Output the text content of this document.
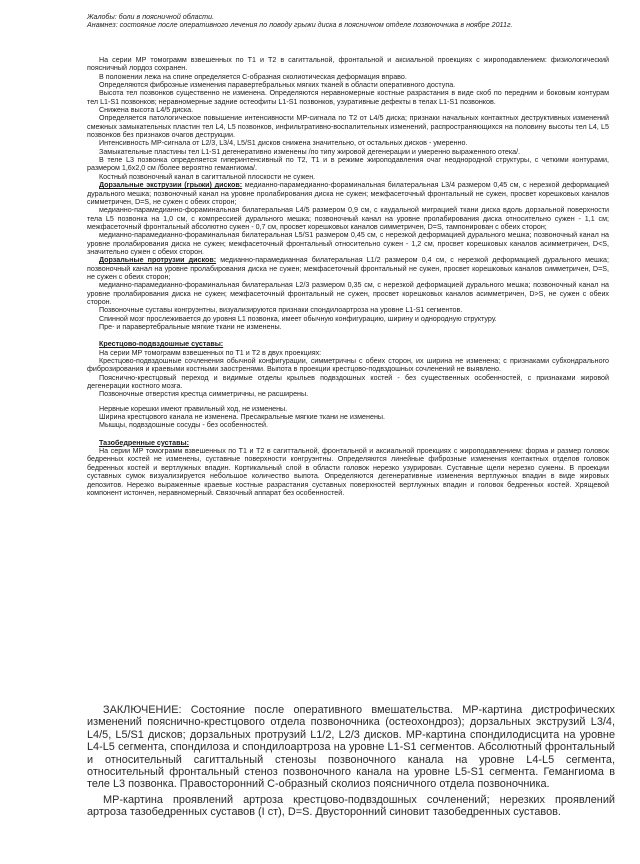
Жалобы: боли в поясничной области.

Анамнез: состояние после оперативного лечения по поводу грыжи диска в поясничном отделе позвоночника в ноябре 2011г.

На серии МР томограмм взвешенных по Т1 и Т2 в сагиттальной, фронтальной и аксиальной проекциях с жироподавлением: физиологический поясничный лордоз сохранен.

В положении лежа на спине определяется С-образная сколиотическая деформация вправо.

Определяются фиброзные изменения паравертебральных мягких тканей в области оперативного доступа.

Высота тел позвонков существенно не изменена. Определяются неравномерные костные разрастания в виде скоб по передним и боковым контурам тел L1-S1 позвонков; неравномерные задние остеофиты L1-S1 позвонков, узуративные дефекты в телах L1-S1 позвонков.

Снижена высота L4/5 диска.

Определяется патологическое повышение интенсивности МР-сигнала по Т2 от L4/5 диска; признаки начальных контактных деструктивных изменений смежных замыкательных пластин тел L4, L5 позвонков, инфильтративно-воспалительных изменений, распространяющихся на половину высоты тел L4, L5 позвонков без признаков очагов деструкции.

Интенсивность МР-сигнала от L2/3, L3/4, L5/S1 дисков снижена значительно, от остальных дисков - умеренно.

Замыкательные пластины тел L1-S1 дегенеративно изменены /по типу жировой дегенерации и умеренно выраженного отека/.

В теле L3 позвонка определяется гиперинтенсивный по Т2, Т1 и в режиме жироподавления очаг неоднородной структуры, с четкими контурами, размером 1,6х2,0 см /более вероятно гемангиома/.

Костный позвоночный канал в сагиттальной плоскости не сужен.

Дорзальные экструзии (грыжи) дисков: медианно-парамедианно-фораминальная билатеральная L3/4 размером 0,45 см, с нерезкой деформацией дурального мешка; позвоночный канал на уровне пролабирования диска не сужен; межфасеточный фронтальный не сужен, просвет корешковых каналов симметричен, D=S, не сужен с обеих сторон;

медианно-парамедианно-фораминальная билатеральная L4/5 размером 0,9 см, с каудальной миграцией ткани диска вдоль дорзальной поверхности тела L5 позвонка на 1,0 см, с компрессией дурального мешка; позвоночный канал на уровне пролабирования диска относительно сужен - 1,1 см; межфасеточный фронтальный абсолютно сужен - 0,7 см, просвет корешковых каналов симметричен, D=S, тампонирован с обеих сторон;

медианно-парамедианно-фораминальная билатеральная L5/S1 размером 0,45 см, с нерезкой деформацией дурального мешка; позвоночный канал на уровне пролабирования диска не сужен; межфасеточный фронтальный относительно сужен - 1,2 см, просвет корешковых каналов асимметричен, D<S, значительно сужен с обеих сторон.

Дорзальные протрузии дисков: медианно-парамедианная билатеральная L1/2 размером 0,4 см, с нерезкой деформацией дурального мешка; позвоночный канал на уровне пролабирования диска не сужен; межфасеточный фронтальный не сужен, просвет корешковых каналов симметричен, D=S, не сужен с обеих сторон;

медианно-парамедианно-фораминальная билатеральная L2/3 размером 0,35 см, с нерезкой деформацией дурального мешка; позвоночный канал на уровне пролабирования диска не сужен; межфасеточный фронтальный не сужен, просвет корешковых каналов асимметричен, D>S, не сужен с обеих сторон.

Позвоночные суставы конгруэнтны, визуализируются признаки спондилоартроза на уровне L1-S1 сегментов.

Спинной мозг прослеживается до уровня L1 позвонка, имеет обычную конфигурацию, ширину и однородную структуру.

Пре- и паравертебральные мягкие ткани не изменены.

Крестцово-подвздошные суставы:

На серии МР томограмм взвешенных по Т1 и Т2 в двух проекциях:

Крестцово-подвздошные сочленения обычной конфигурации, симметричны с обеих сторон, их ширина не изменена; с признаками субхондрального фиброзирования и краевыми костными заостренями. Выпота в проекции крестцово-подвздошных сочленений не выявлено.

Пояснично-крестцовый переход и видимые отделы крыльев подвздошных костей - без существенных особенностей, с признаками жировой дегенерации костного мозга.

Позвоночные отверстия крестца симметричны, не расширены.

Нервные корешки имеют правильный ход, не изменены.

Ширина крестцового канала не изменена. Пресакральные мягкие ткани не изменены.

Мышцы, подвздошные сосуды - без особенностей.

Тазобедренные суставы:

На серии МР томограмм взвешенных по Т1 и Т2 в сагиттальной, фронтальной и аксиальной проекциях с жироподавлением: форма и размер головок бедренных костей не изменены, суставные поверхности конгруэнтны. Определяются линейные фиброзные изменения контактных отделов головок бедренных костей и вертлужных впадин. Кортикальный слой в области головок нерезко узурирован. Суставные щели нерезко сужены. В проекции суставных сумок визуализируется небольшое количество выпота. Определяются дегенеративные изменения вертлужных впадин в виде жировых депозитов. Нерезко выраженные краевые костные разрастания суставных поверхностей вертлужных впадин и головок бедренных костей. Хрящевой компонент истончен, неравномерный. Связочный аппарат без особенностей.

ЗАКЛЮЧЕНИЕ: Состояние после оперативного вмешательства. МР-картина дистрофических изменений пояснично-крестцового отдела позвоночника (остеохондроз); дорзальных экструзий L3/4, L4/5, L5/S1 дисков; дорзальных протрузий L1/2, L2/3 дисков. МР-картина спондилодисцита на уровне L4-L5 сегмента, спондилоза и спондилоартроза на уровне L1-S1 сегментов. Абсолютный фронтальный и относительный сагиттальный стенозы позвоночного канала на уровне L4-L5 сегмента, относительный фронтальный стеноз позвоночного канала на уровне L5-S1 сегмента. Гемангиома в теле L3 позвонка. Правосторонний С-образный сколиоз поясничного отдела позвоночника.

МР-картина проявлений артроза крестцово-подвздошных сочленений; нерезких проявлений артроза тазобедренных суставов (I ст), D=S. Двусторонний синовит тазобедренных суставов.
